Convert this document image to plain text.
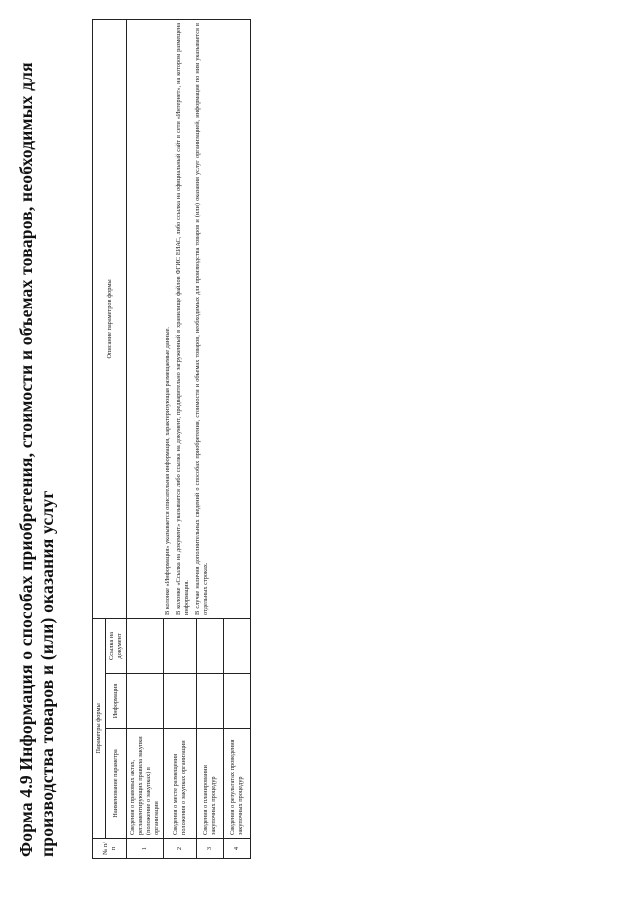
Форма 4.9 Информация о способах приобретения, стоимости и объемах товаров, необходимых для производства товаров и (или) оказания услуг	№ п/п	Параметры формы			Описание параметров формы
	Наименование параметра	Информация	Ссылка на документ	
1	Сведения о правовых актах, регламентирующих правила закупки (положение о закупках) в организации			В колонке «Информация» указывается описательная информация, характеризующая размещаемые данные. В колонке «Ссылка на документ» указывается либо ссылка на документ, предварительно загруженный в хранилище файлов ФГИС ЕИАС, либо ссылка на официальный сайт в сети «Интернет», на котором размещена информация. В случае наличия дополнительных сведений о способах приобретения, стоимости и объемах товаров, необходимых для производства товаров и (или) оказания услуг организацией, информация по ним указывается в отдельных строках.

2	Сведения о месте размещения положения о закупках организации			
3	Сведения о планировании закупочных процедур			
4	Сведения о результатах проведения закупочных процедур			
